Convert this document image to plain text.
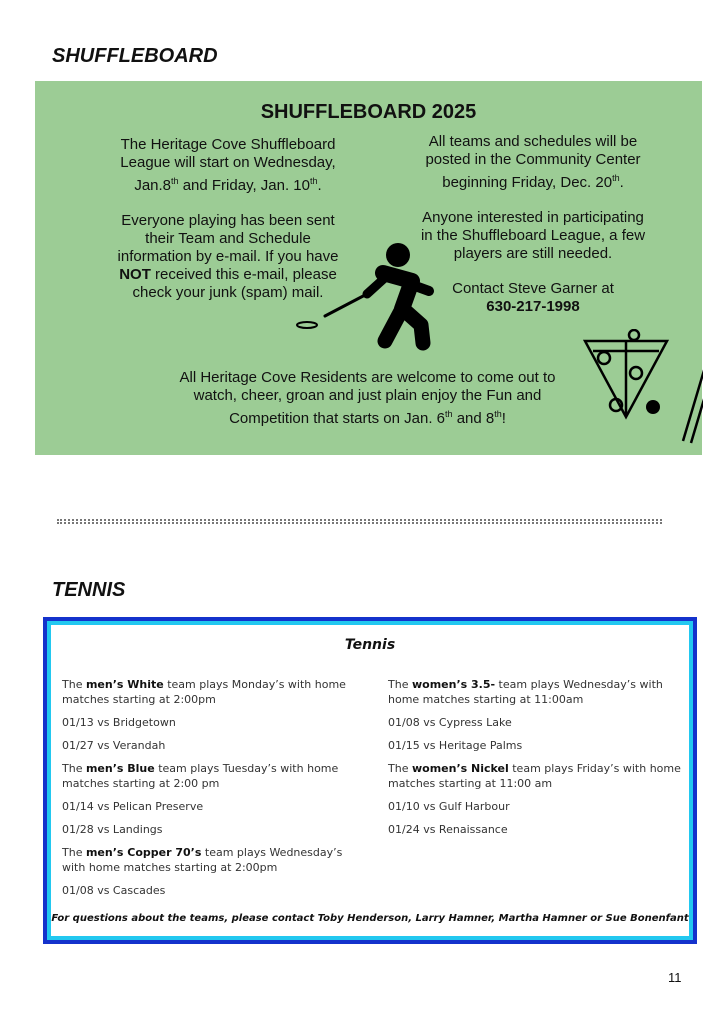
SHUFFLEBOARD
SHUFFLEBOARD 2025

The Heritage Cove Shuffleboard
League will start on Wednesday,
Jan.8th and Friday, Jan. 10th.

Everyone playing has been sent
their Team and Schedule
information by e-mail. If you have
NOT received this e-mail, please
check your junk (spam) mail.

All teams and schedules will be
posted in the Community Center
beginning Friday, Dec. 20th.

Anyone interested in participating
in the Shuffleboard League, a few
players are still needed.

Contact Steve Garner at
630-217-1998

All Heritage Cove Residents are welcome to come out to
watch, cheer, groan and just plain enjoy the Fun and
Competition that starts on Jan. 6th and 8th!

TENNIS
Tennis

The men’s White team plays Monday’s with home matches starting at 2:00pm

01/13 vs Bridgetown

01/27 vs Verandah

The men’s Blue team plays Tuesday’s with home matches starting at 2:00 pm

01/14 vs Pelican Preserve

01/28 vs Landings

The men’s Copper 70’s team plays Wednesday’s with home matches starting at 2:00pm

01/08 vs Cascades

The women’s 3.5- team plays Wednesday’s with home matches starting at 11:00am

01/08 vs Cypress Lake

01/15 vs Heritage Palms

The women’s Nickel team plays Friday’s with home matches starting at 11:00 am

01/10 vs Gulf Harbour

01/24 vs Renaissance

For questions about the teams, please contact Toby Henderson, Larry Hamner, Martha Hamner or Sue Bonenfant

11
